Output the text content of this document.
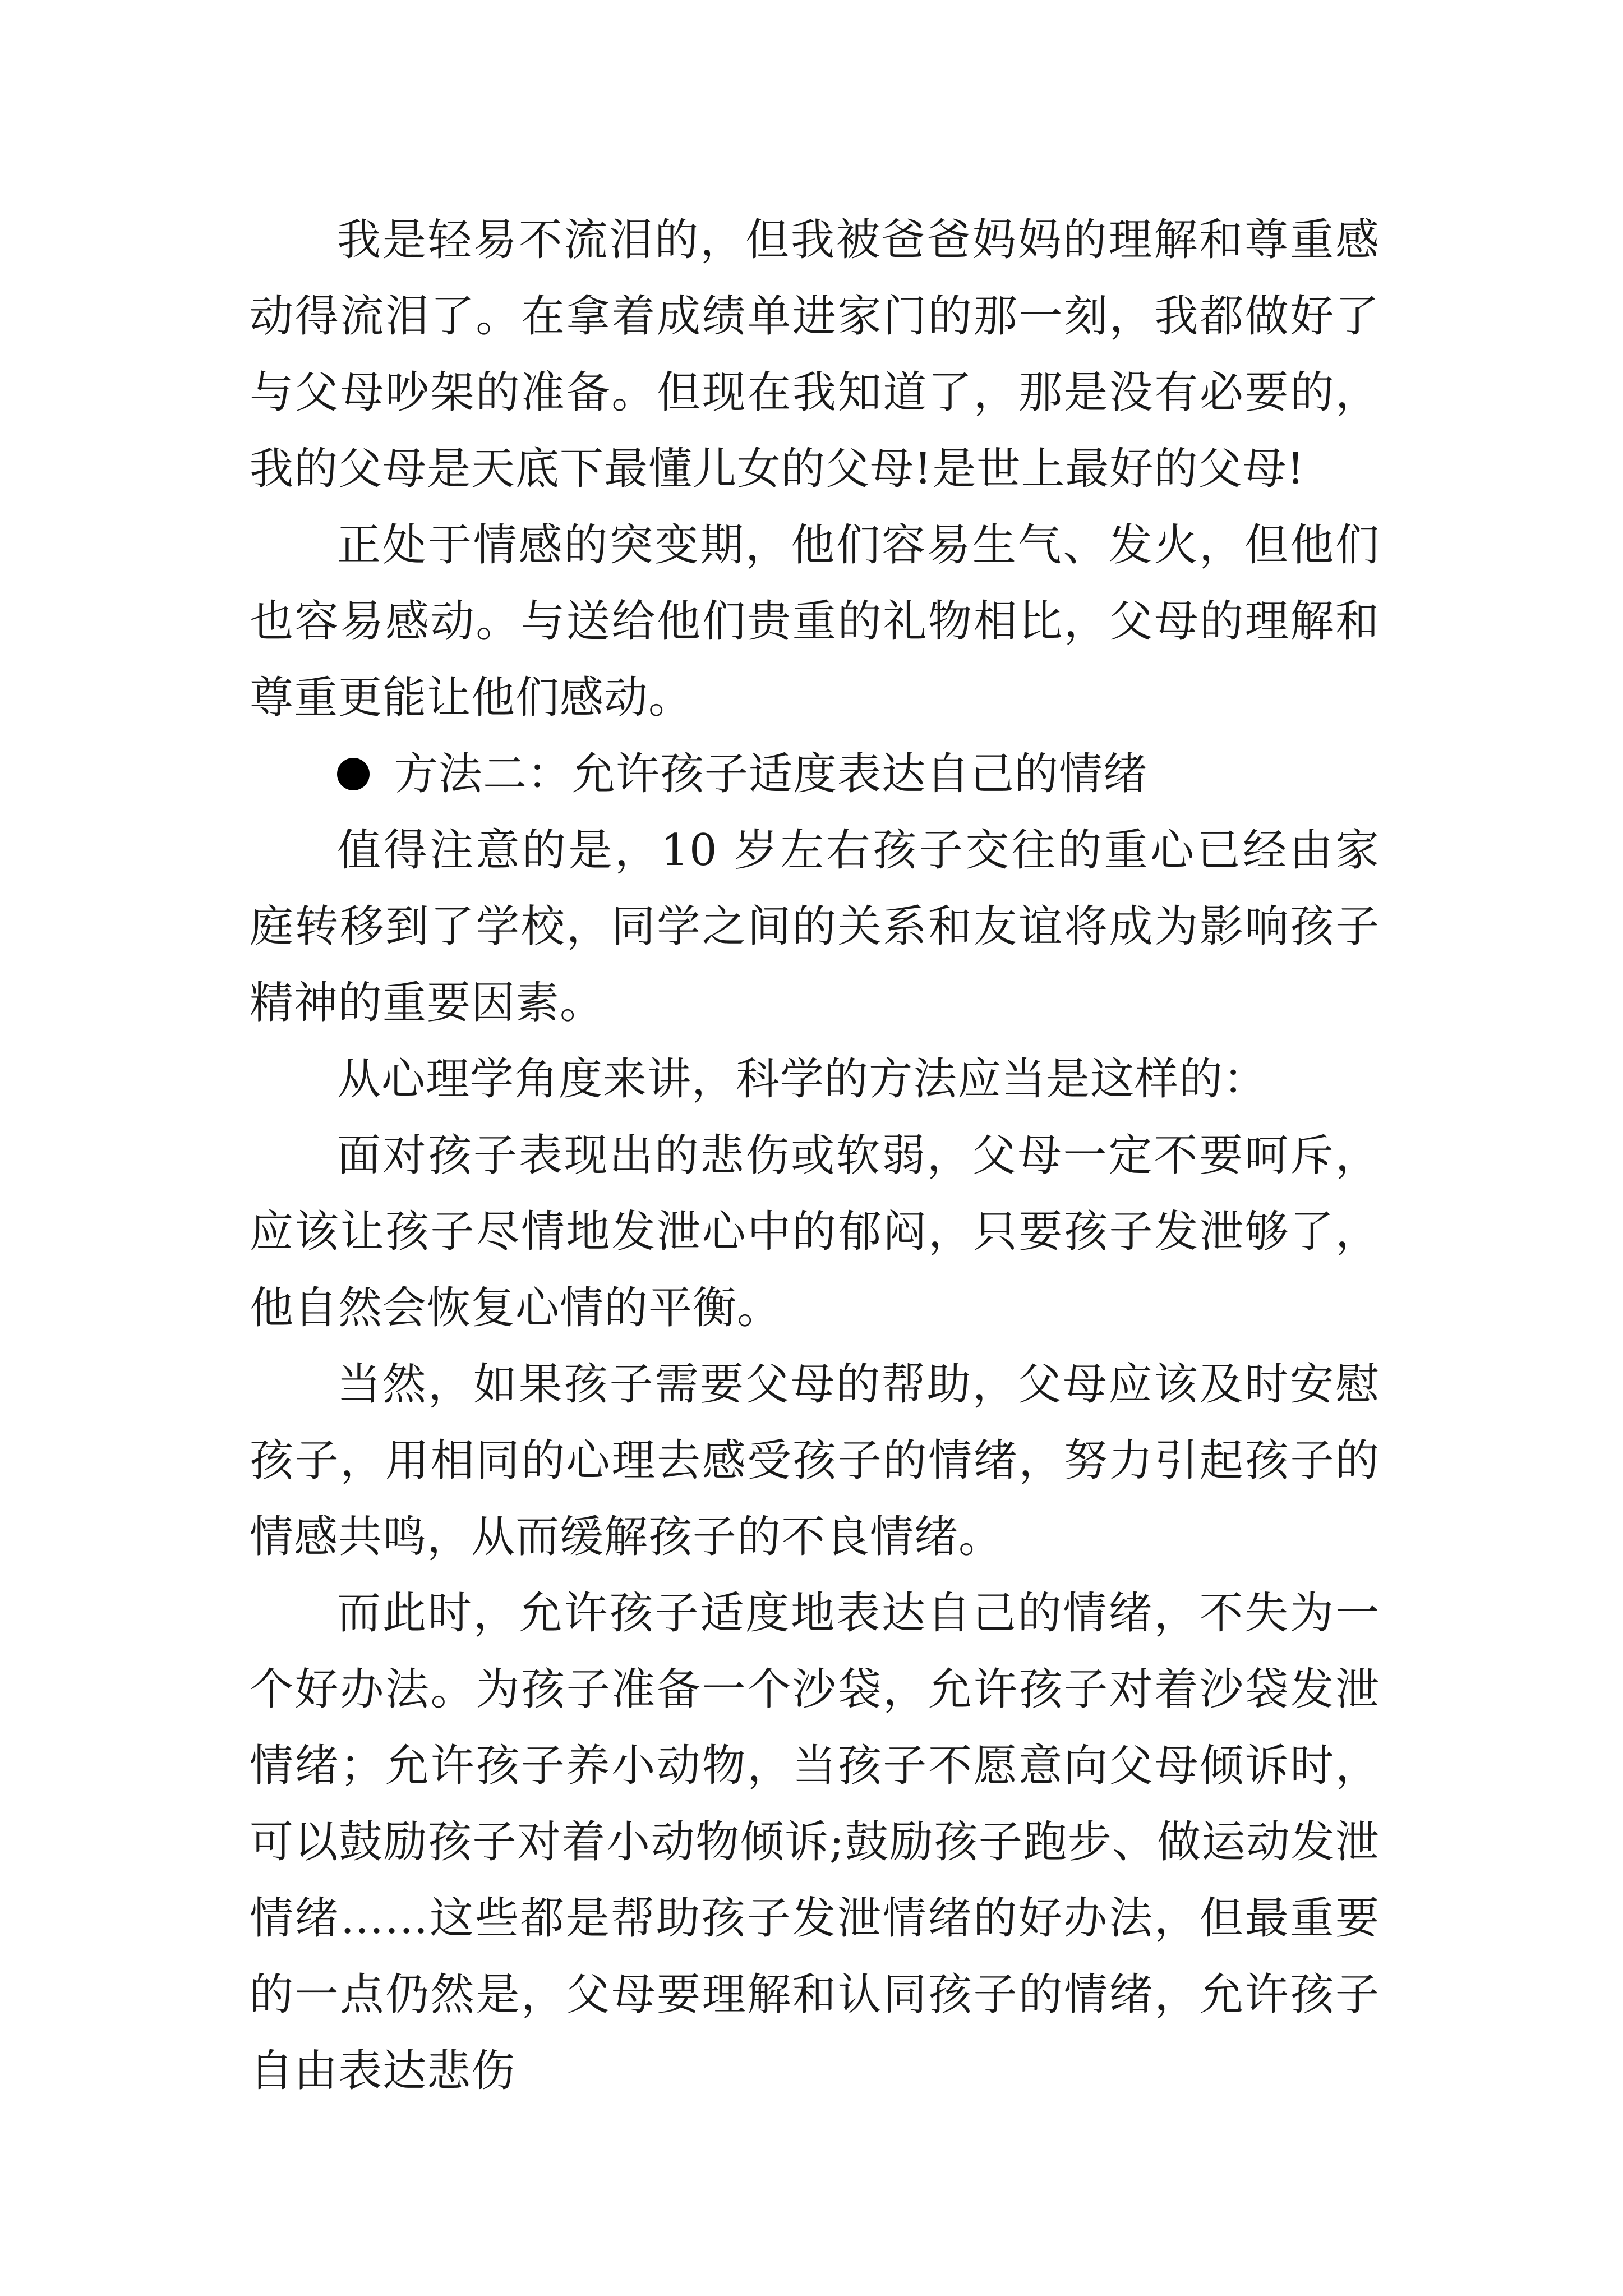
我是轻易不流泪的，但我被爸爸妈妈的理解和尊重感动得流泪了。在拿着成绩单进家门的那一刻，我都做好了与父母吵架的准备。但现在我知道了，那是没有必要的，我的父母是天底下最懂儿女的父母!是世上最好的父母!

正处于情感的突变期，他们容易生气、发火，但他们也容易感动。与送给他们贵重的礼物相比，父母的理解和尊重更能让他们感动。

方法二：允许孩子适度表达自己的情绪

值得注意的是，10 岁左右孩子交往的重心已经由家庭转移到了学校，同学之间的关系和友谊将成为影响孩子精神的重要因素。

从心理学角度来讲，科学的方法应当是这样的：

面对孩子表现出的悲伤或软弱，父母一定不要呵斥，应该让孩子尽情地发泄心中的郁闷，只要孩子发泄够了，他自然会恢复心情的平衡。

当然，如果孩子需要父母的帮助，父母应该及时安慰孩子，用相同的心理去感受孩子的情绪，努力引起孩子的情感共鸣，从而缓解孩子的不良情绪。

而此时，允许孩子适度地表达自己的情绪，不失为一个好办法。为孩子准备一个沙袋，允许孩子对着沙袋发泄情绪；允许孩子养小动物，当孩子不愿意向父母倾诉时，可以鼓励孩子对着小动物倾诉;鼓励孩子跑步、做运动发泄情绪……这些都是帮助孩子发泄情绪的好办法，但最重要的一点仍然是，父母要理解和认同孩子的情绪，允许孩子自由表达悲伤
